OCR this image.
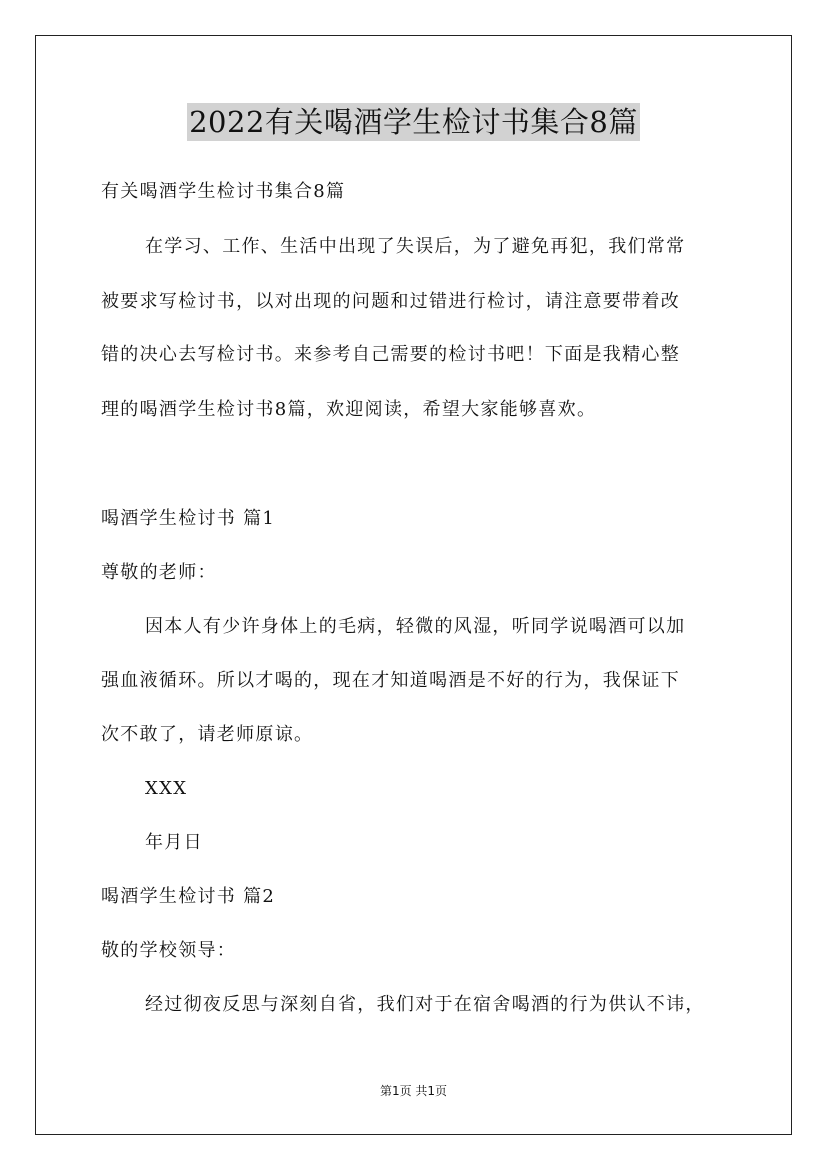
2022有关喝酒学生检讨书集合8篇
有关喝酒学生检讨书集合8篇
在学习、工作、生活中出现了失误后，为了避免再犯，我们常常
被要求写检讨书，以对出现的问题和过错进行检讨，请注意要带着改
错的决心去写检讨书。来参考自己需要的检讨书吧！下面是我精心整
理的喝酒学生检讨书8篇，欢迎阅读，希望大家能够喜欢。
喝酒学生检讨书 篇1
尊敬的老师：
因本人有少许身体上的毛病，轻微的风湿，听同学说喝酒可以加
强血液循环。所以才喝的，现在才知道喝酒是不好的行为，我保证下
次不敢了，请老师原谅。
XXX
年月日
喝酒学生检讨书 篇2
敬的学校领导：
经过彻夜反思与深刻自省，我们对于在宿舍喝酒的行为供认不讳，
第1页 共1页
